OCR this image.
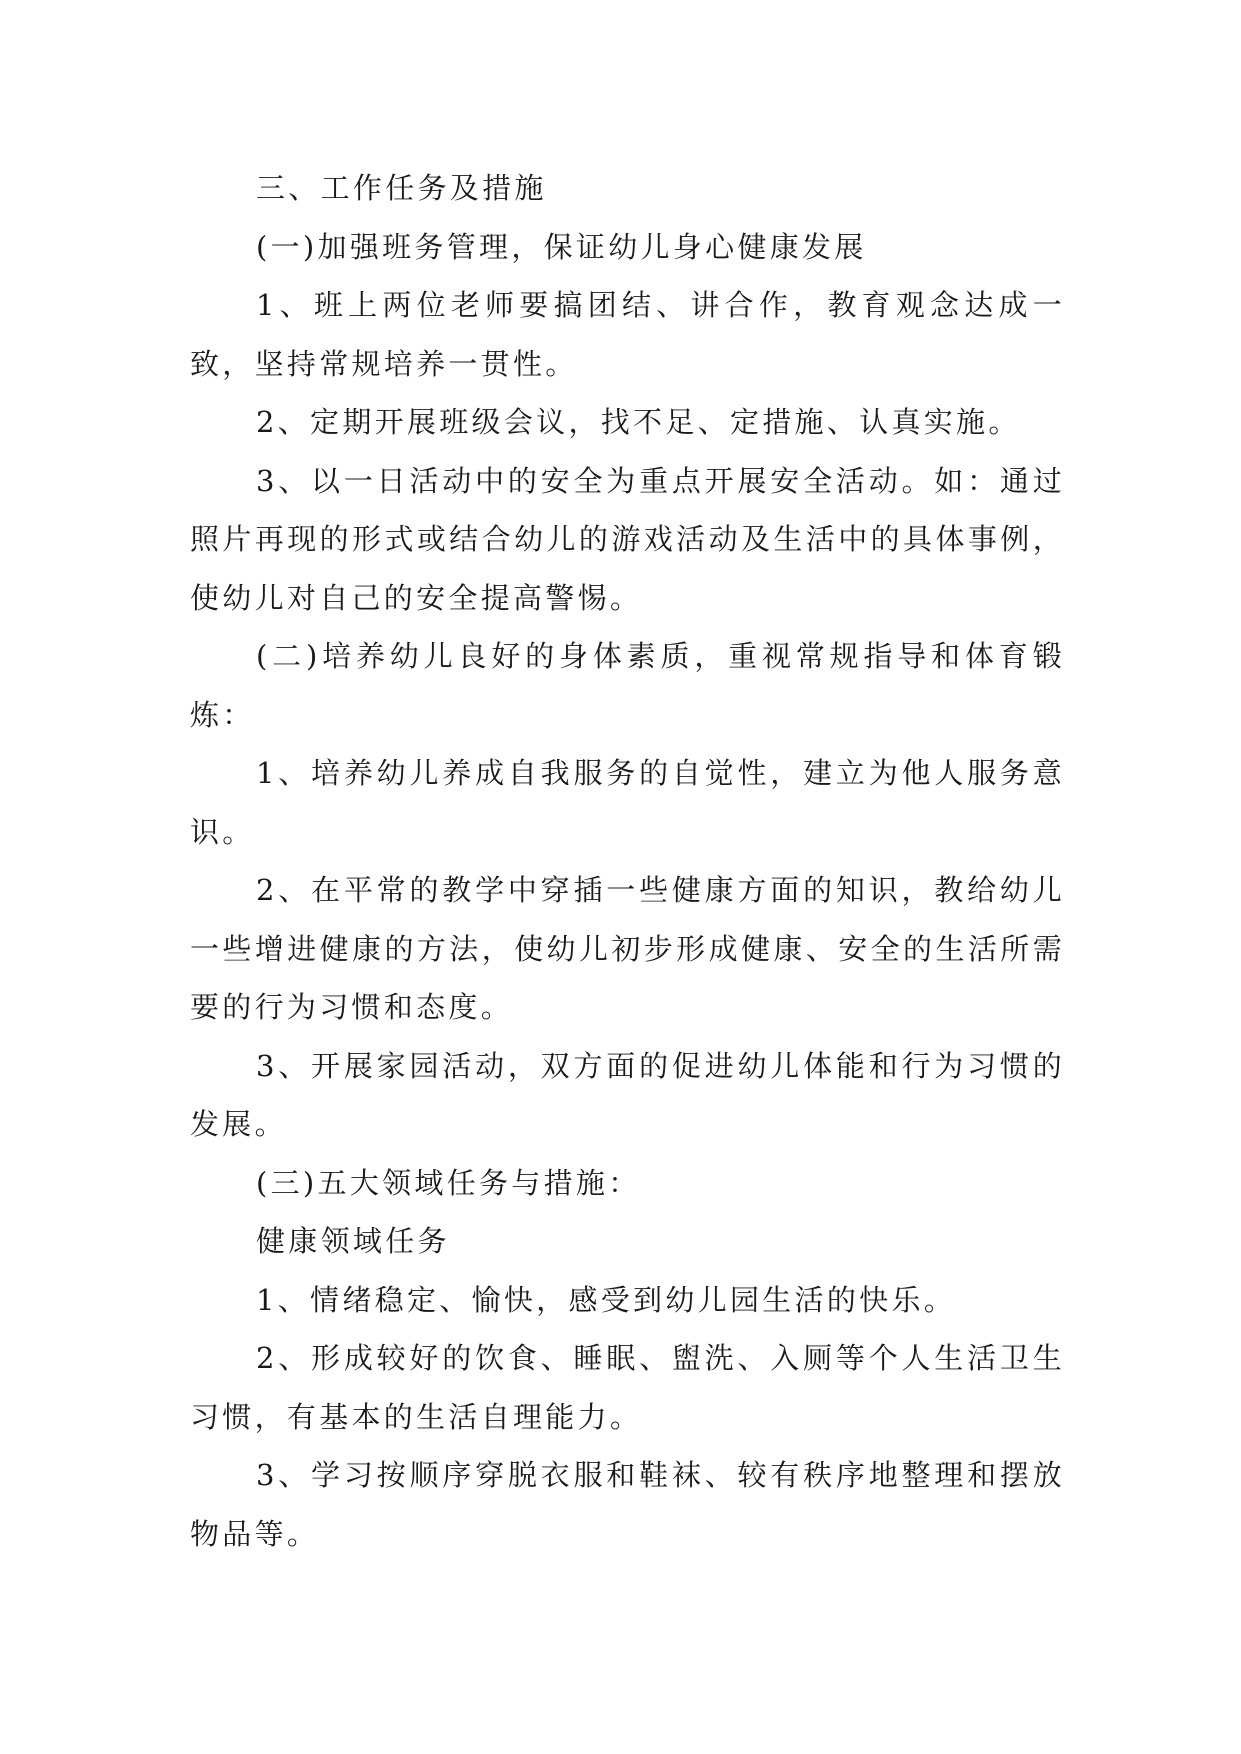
三、工作任务及措施

(一)加强班务管理，保证幼儿身心健康发展

1、班上两位老师要搞团结、讲合作，教育观念达成一致，坚持常规培养一贯性。

2、定期开展班级会议，找不足、定措施、认真实施。

3、以一日活动中的安全为重点开展安全活动。如：通过照片再现的形式或结合幼儿的游戏活动及生活中的具体事例，使幼儿对自己的安全提高警惕。

(二)培养幼儿良好的身体素质，重视常规指导和体育锻炼：

1、培养幼儿养成自我服务的自觉性，建立为他人服务意识。

2、在平常的教学中穿插一些健康方面的知识，教给幼儿一些增进健康的方法，使幼儿初步形成健康、安全的生活所需要的行为习惯和态度。

3、开展家园活动，双方面的促进幼儿体能和行为习惯的发展。

(三)五大领域任务与措施：

健康领域任务

1、情绪稳定、愉快，感受到幼儿园生活的快乐。

2、形成较好的饮食、睡眠、盥洗、入厕等个人生活卫生习惯，有基本的生活自理能力。

3、学习按顺序穿脱衣服和鞋袜、较有秩序地整理和摆放物品等。
